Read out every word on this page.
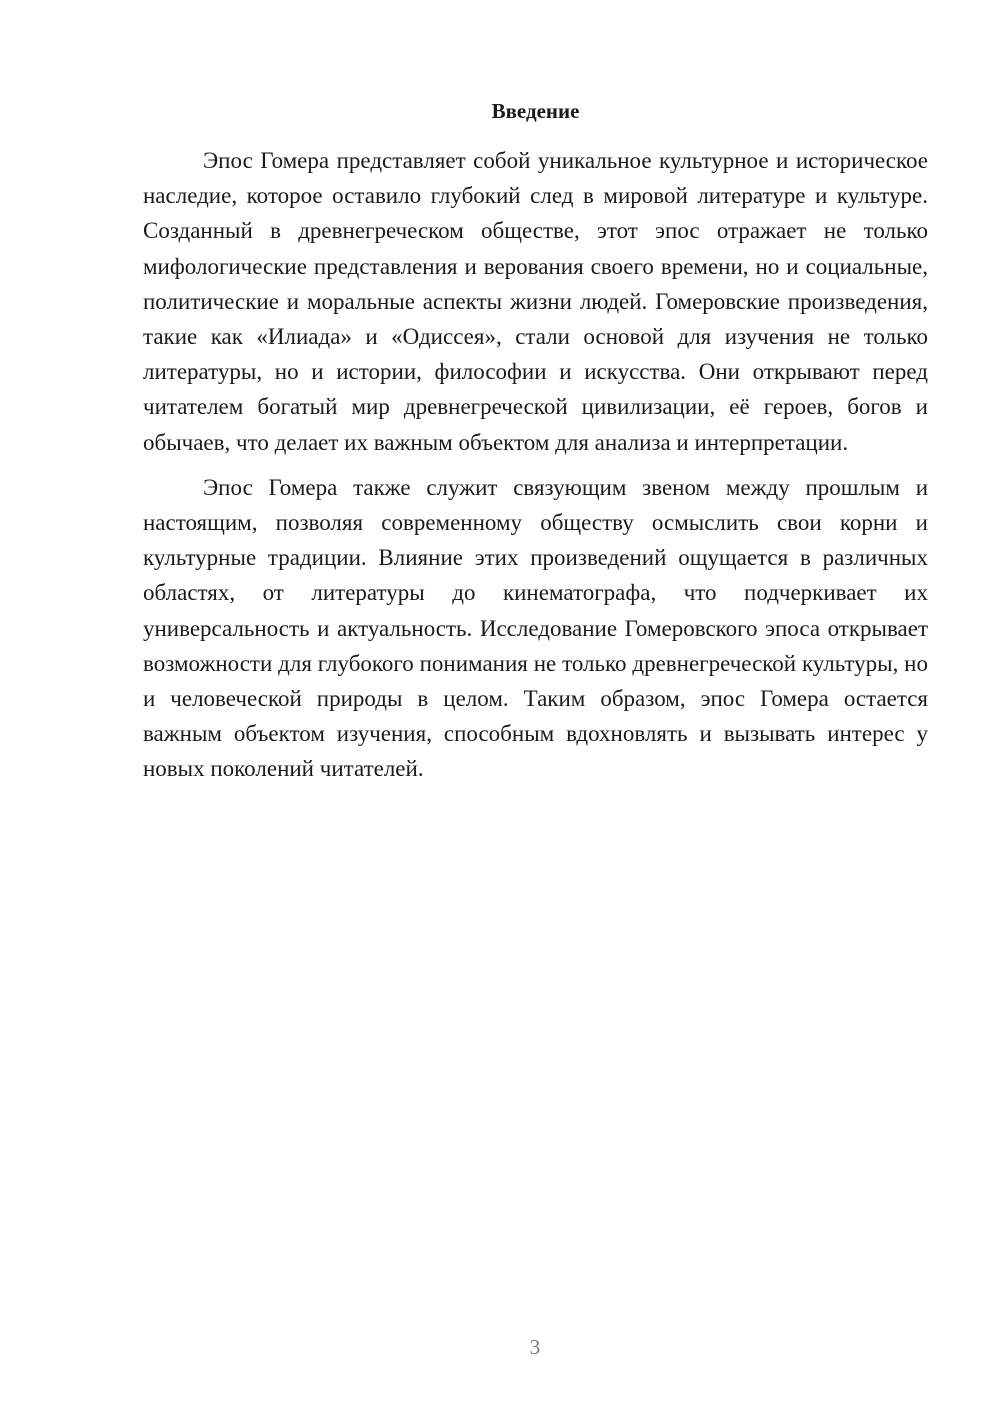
Введение

Эпос Гомера представляет собой уникальное культурное и историческое наследие, которое оставило глубокий след в мировой литературе и культуре. Созданный в древнегреческом обществе, этот эпос отражает не только мифологические представления и верования своего времени, но и социальные, политические и моральные аспекты жизни людей. Гомеровские произведения, такие как «Илиада» и «Одиссея», стали основой для изучения не только литературы, но и истории, философии и искусства. Они открывают перед читателем богатый мир древнегреческой цивилизации, её героев, богов и обычаев, что делает их важным объектом для анализа и интерпретации.

Эпос Гомера также служит связующим звеном между прошлым и настоящим, позволяя современному обществу осмыслить свои корни и культурные традиции. Влияние этих произведений ощущается в различных областях, от литературы до кинематографа, что подчеркивает их универсальность и актуальность. Исследование Гомеровского эпоса открывает возможности для глубокого понимания не только древнегреческой культуры, но и человеческой природы в целом. Таким образом, эпос Гомера остается важным объектом изучения, способным вдохновлять и вызывать интерес у новых поколений читателей.

3
